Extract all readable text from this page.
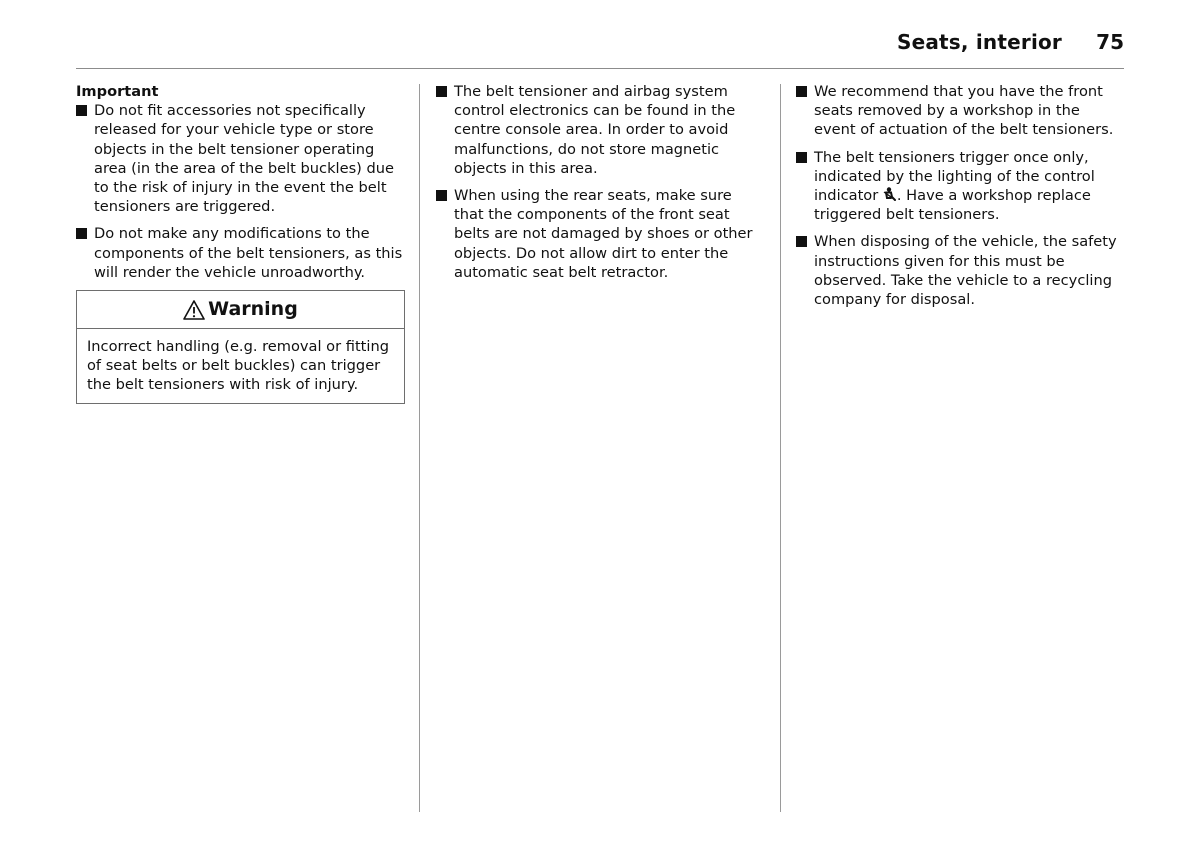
Seats, interior	75
Important
Do not fit accessories not specifically released for your vehicle type or store objects in the belt tensioner operating area (in the area of the belt buckles) due to the risk of injury in the event the belt tensioners are triggered.
Do not make any modifications to the components of the belt tensioners, as this will render the vehicle unroadworthy.
Warning
Incorrect handling (e.g. removal or fitting of seat belts or belt buckles) can trigger the belt tensioners with risk of injury.
The belt tensioner and airbag system control electronics can be found in the centre console area. In order to avoid malfunctions, do not store magnetic objects in this area.
When using the rear seats, make sure that the components of the front seat belts are not damaged by shoes or other objects. Do not allow dirt to enter the automatic seat belt retractor.
We recommend that you have the front seats removed by a workshop in the event of actuation of the belt tensioners.
The belt tensioners trigger once only, indicated by the lighting of the control indicator . Have a workshop replace triggered belt tensioners.
When disposing of the vehicle, the safety instructions given for this must be observed. Take the vehicle to a recycling company for disposal.
